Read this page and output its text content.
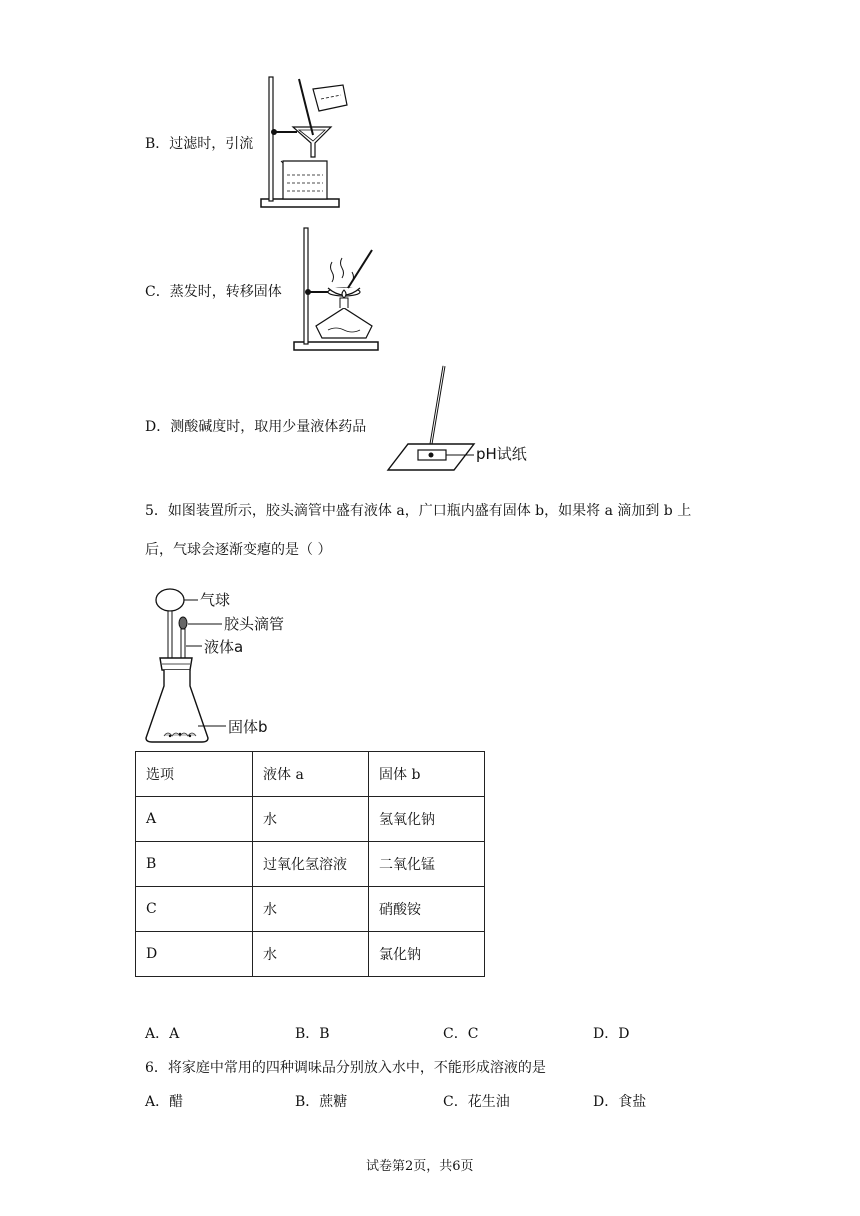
B．过滤时，引流
C．蒸发时，转移固体
D．测酸碱度时，取用少量液体药品
pH试纸
5．如图装置所示，胶头滴管中盛有液体 a，广口瓶内盛有固体 b，如果将 a 滴加到 b 上
后，气球会逐渐变瘪的是（ ）
气球
胶头滴管
液体a
固体b
选项	液体 a	固体 b
A	水	氢氧化钠
B	过氧化氢溶液	二氧化锰
C	水	硝酸铵
D	水	氯化钠
A．A	B．B	C．C	D．D
6．将家庭中常用的四种调味品分别放入水中，不能形成溶液的是
A．醋	B．蔗糖	C．花生油	D．食盐
试卷第2页，共6页
